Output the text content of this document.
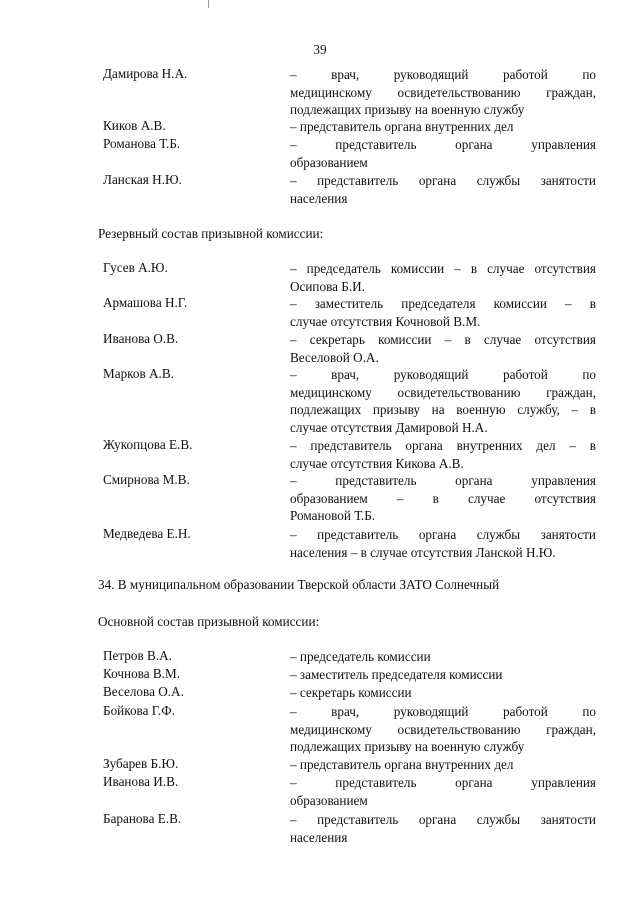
39
Дамирова Н.А.	– врач, руководящий работой по
медицинскому освидетельствованию граждан,
подлежащих призыву на военную службу
Киков А.В.	– представитель органа внутренних дел
Романова Т.Б.	– представитель органа управления
образованием
Ланская Н.Ю.	– представитель органа службы занятости
населения
Резервный состав призывной комиссии:
Гусев А.Ю.	– председатель комиссии – в случае отсутствия
Осипова Б.И.
Армашова Н.Г.	– заместитель председателя комиссии – в
случае отсутствия Кочновой В.М.
Иванова О.В.	– секретарь комиссии – в случае отсутствия
Веселовой О.А.
Марков А.В.	– врач, руководящий работой по
медицинскому освидетельствованию граждан,
подлежащих призыву на военную службу, – в
случае отсутствия Дамировой Н.А.
Жукопцова Е.В.	– представитель органа внутренних дел – в
случае отсутствия Кикова А.В.
Смирнова М.В.	– представитель органа управления
образованием – в случае отсутствия
Романовой Т.Б.
Медведева Е.Н.	– представитель органа службы занятости
населения – в случае отсутствия Ланской Н.Ю.
34. В муниципальном образовании Тверской области ЗАТО Солнечный
Основной состав призывной комиссии:
Петров В.А.	– председатель комиссии
Кочнова В.М.	– заместитель председателя комиссии
Веселова О.А.	– секретарь комиссии
Бойкова Г.Ф.	– врач, руководящий работой по
медицинскому освидетельствованию граждан,
подлежащих призыву на военную службу
Зубарев Б.Ю.	– представитель органа внутренних дел
Иванова И.В.	– представитель органа управления
образованием
Баранова Е.В.	– представитель органа службы занятости
населения
